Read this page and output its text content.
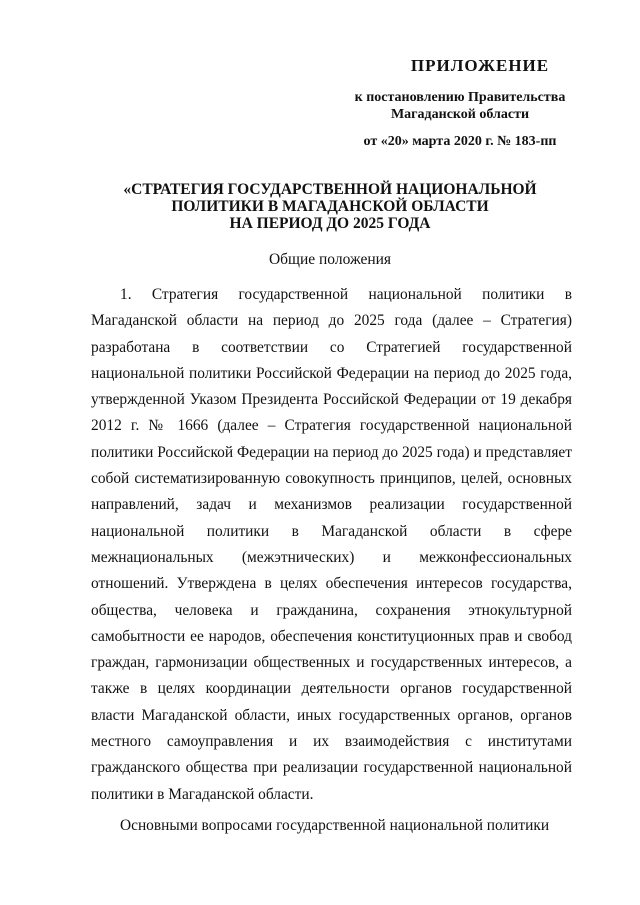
ПРИЛОЖЕНИЕ
к постановлению Правительства
Магаданской области
от «20» марта 2020 г. № 183-пп
«СТРАТЕГИЯ ГОСУДАРСТВЕННОЙ НАЦИОНАЛЬНОЙ
ПОЛИТИКИ В МАГАДАНСКОЙ ОБЛАСТИ
НА ПЕРИОД ДО 2025 ГОДА
Общие положения

1. Стратегия государственной национальной политики в Магаданской области на период до 2025 года (далее – Стратегия) разработана в соответствии со Стратегией государственной национальной политики Российской Федерации на период до 2025 года, утвержденной Указом Президента Российской Федерации от 19 декабря 2012 г. № 1666 (далее – Стратегия государственной национальной политики Российской Федерации на период до 2025 года) и представляет собой систематизированную совокупность принципов, целей, основных направлений, задач и механизмов реализации государственной национальной политики в Магаданской области в сфере межнациональных (межэтнических) и межконфессиональных отношений. Утверждена в целях обеспечения интересов государства, общества, человека и гражданина, сохранения этнокультурной самобытности ее народов, обеспечения конституционных прав и свобод граждан, гармонизации общественных и государственных интересов, а также в целях координации деятельности органов государственной власти Магаданской области, иных государственных органов, органов местного самоуправления и их взаимодействия с институтами гражданского общества при реализации государственной национальной политики в Магаданской области.

Основными вопросами государственной национальной политики
